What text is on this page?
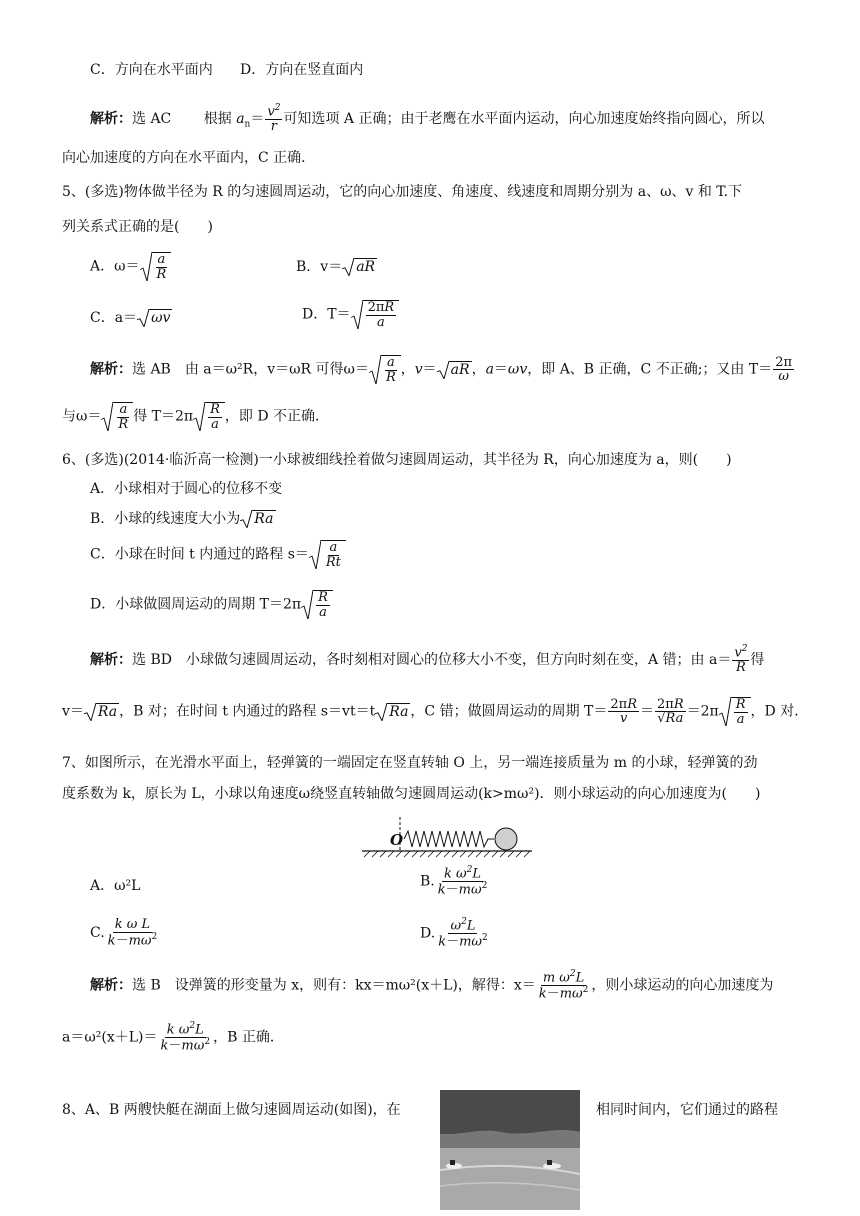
C．方向在水平面内 D．方向在竖直面内
解析：选 AC 根据 $a_n= \frac{v^2}{r}$ 可知选项 A 正确；由于老鹰在水平面内运动，向心加速度始终指向圆心，所以
向心加速度的方向在水平面内，C 正确．
5、(多选)物体做半径为 R 的匀速圆周运动，它的向心加速度、角速度、线速度和周期分别为 a、ω、v 和 T.下
列关系式正确的是(　　)
A．$\omega= \frac{a}{R}$	B．v＝ aR
C．a＝ ωv	D．$T= \frac{2\pi R}{a}$
解析：选 AB　由 a＝ω²R，v＝ωR 可得$\omega= \frac{a}{R}$ ，v＝ aR ，a＝ωv，即 A、B 正确，C 不正确;；又由 $T= \frac{2\pi}{\omega}$
与$\omega= \frac{a}{R}$ 得 $T=2\pi \frac{R}{a}$ ，即 D 不正确．
6、(多选)(2014·临沂高一检测)一小球被细线拴着做匀速圆周运动，其半径为 R，向心加速度为 a，则(　　)
A．小球相对于圆心的位移不变
B．小球的线速度大小为 Ra
C．小球在时间 t 内通过的路程 $s= \frac{a}{Rt}$
D．小球做圆周运动的周期 $T=2\pi \frac{R}{a}$
解析：选 BD　小球做匀速圆周运动，各时刻相对圆心的位移大小不变，但方向时刻在变，A 错；由 $a= \frac{v^2}{R}$ 得
v＝ Ra ，B 对；在时间 t 内通过的路程 s＝vt＝t Ra ，C 错；做圆周运动的周期 $T= \frac{2\pi R}{v} = \frac{2\pi R}{√Ra} =2\pi \frac{R}{a}$ ，D 对．
7、如图所示，在光滑水平面上，轻弹簧的一端固定在竖直转轴 O 上，另一端连接质量为 m 的小球，轻弹簧的劲
度系数为 k，原长为 L，小球以角速度ω绕竖直转轴做匀速圆周运动(k>mω²)．则小球运动的向心加速度为(　　)
O
A．ω²L	B. $\frac{k \omega^2L}{k-m\omega^2}$
C. $\frac{\text{k ω L}}{k-m\omega^2}$	D. $\frac{\omega^2L}{k-m\omega^2}$
解析：选 B　设弹簧的形变量为 x，则有：kx＝mω²(x＋L)，解得：$x= \frac{m \omega^2L}{k-m\omega^2}$ ，则小球运动的向心加速度为
$a=\omega^2(x+L)= \frac{k \omega^2L}{k-m\omega^2}$ ，B 正确．
8、A、B 两艘快艇在湖面上做匀速圆周运动(如图)，在	相同时间内，它们通过的路程
